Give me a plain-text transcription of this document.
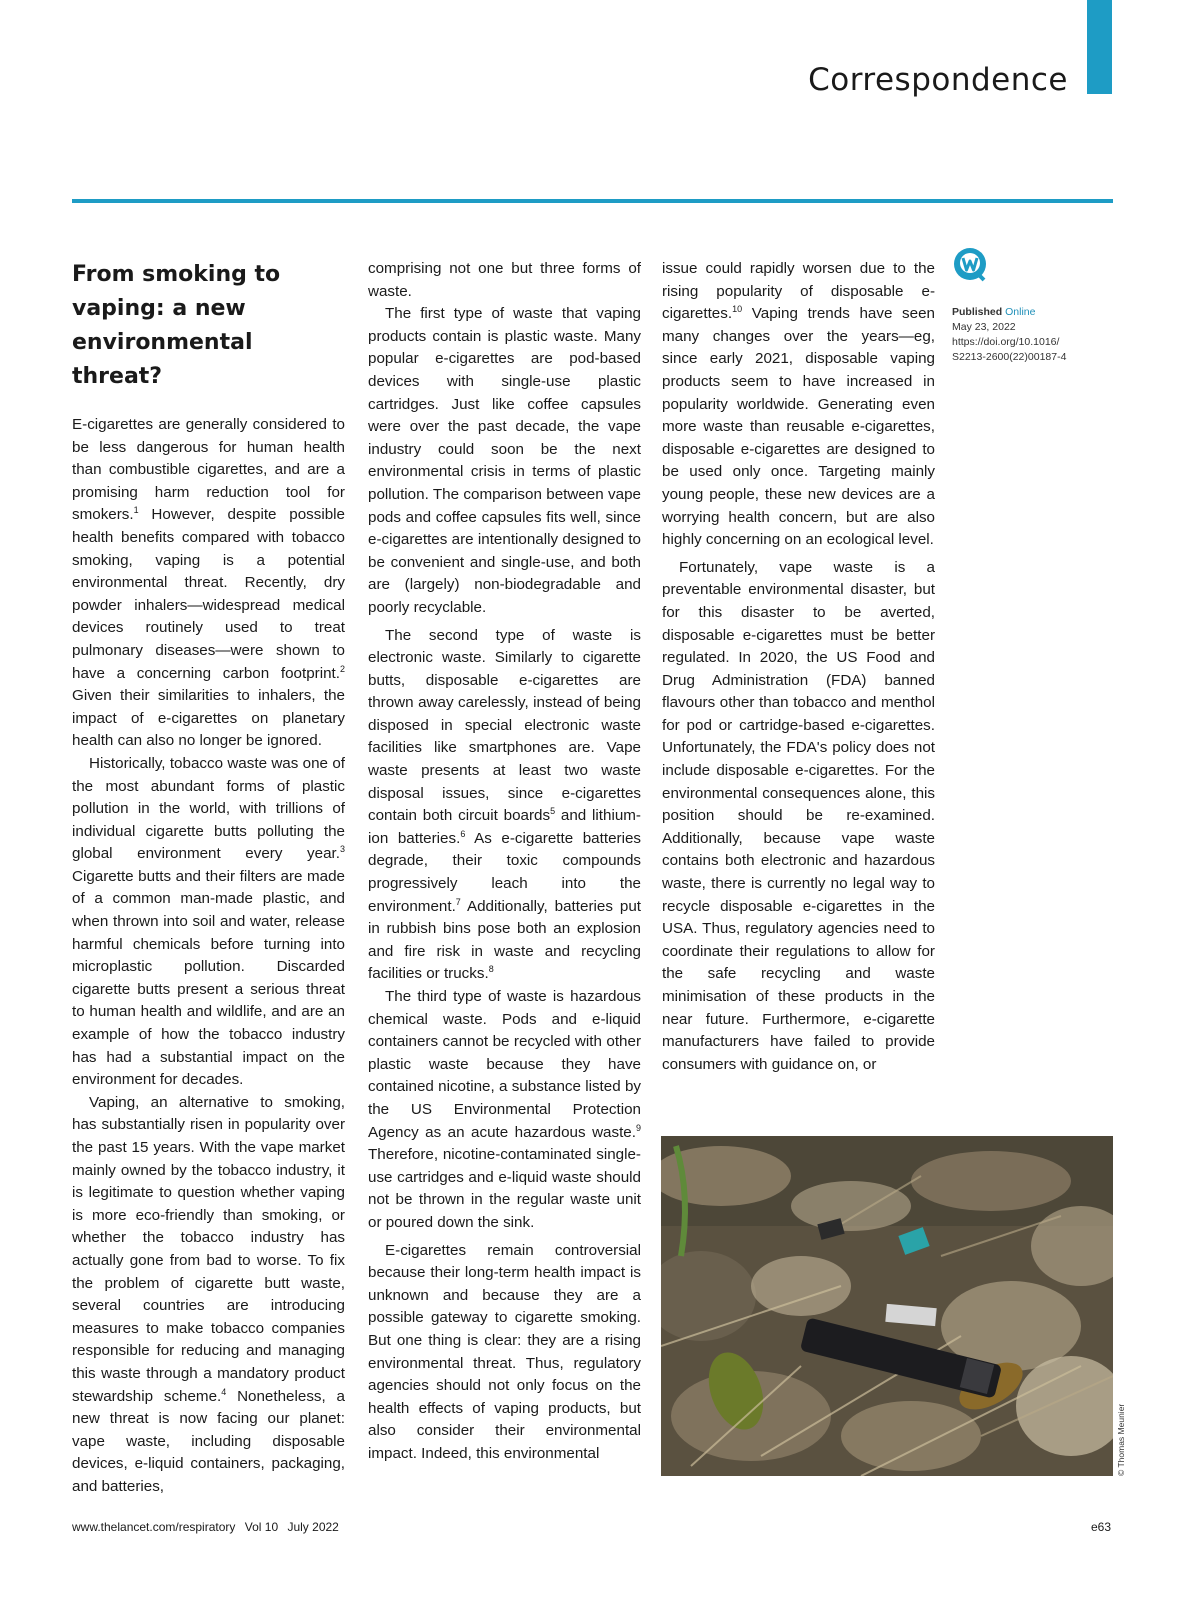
Correspondence
From smoking to
vaping: a new
environmental threat?

E-cigarettes are generally considered to be less dangerous for human health than combustible cigarettes, and are a promising harm reduction tool for smokers.$^1$ However, despite possible health benefits compared with tobacco smoking, vaping is a potential environmental threat. Recently, dry powder inhalers—widespread medical devices routinely used to treat pulmonary diseases—were shown to have a concerning carbon footprint.$^2$ Given their similarities to inhalers, the impact of e-cigarettes on planetary health can also no longer be ignored.

Historically, tobacco waste was one of the most abundant forms of plastic pollution in the world, with trillions of individual cigarette butts polluting the global environment every year.$^3$ Cigarette butts and their filters are made of a common man-made plastic, and when thrown into soil and water, release harmful chemicals before turning into microplastic pollution. Discarded cigarette butts present a serious threat to human health and wildlife, and are an example of how the tobacco industry has had a substantial impact on the environment for decades.

Vaping, an alternative to smoking, has substantially risen in popularity over the past 15 years. With the vape market mainly owned by the tobacco industry, it is legitimate to question whether vaping is more eco-friendly than smoking, or whether the tobacco industry has actually gone from bad to worse. To fix the problem of cigarette butt waste, several countries are introducing measures to make tobacco companies responsible for reducing and managing this waste through a mandatory product stewardship scheme.$^4$ Nonetheless, a new threat is now facing our planet: vape waste, including disposable devices, e-liquid containers, packaging, and batteries,

comprising not one but three forms of waste.

The first type of waste that vaping products contain is plastic waste. Many popular e-cigarettes are pod-based devices with single-use plastic cartridges. Just like coffee capsules were over the past decade, the vape industry could soon be the next environmental crisis in terms of plastic pollution. The comparison between vape pods and coffee capsules fits well, since e-cigarettes are intentionally designed to be convenient and single-use, and both are (largely) non-biodegradable and poorly recyclable.

The second type of waste is electronic waste. Similarly to cigarette butts, disposable e-cigarettes are thrown away carelessly, instead of being disposed in special electronic waste facilities like smartphones are. Vape waste presents at least two waste disposal issues, since e-cigarettes contain both circuit boards$^5$ and lithium-ion batteries.$^6$ As e-cigarette batteries degrade, their toxic compounds progressively leach into the environment.$^7$ Additionally, batteries put in rubbish bins pose both an explosion and fire risk in waste and recycling facilities or trucks.$^8$

The third type of waste is hazardous chemical waste. Pods and e-liquid containers cannot be recycled with other plastic waste because they have contained nicotine, a substance listed by the US Environmental Protection Agency as an acute hazardous waste.$^9$ Therefore, nicotine-contaminated single-use cartridges and e-liquid waste should not be thrown in the regular waste unit or poured down the sink.

E-cigarettes remain controversial because their long-term health impact is unknown and because they are a possible gateway to cigarette smoking. But one thing is clear: they are a rising environmental threat. Thus, regulatory agencies should not only focus on the health effects of vaping products, but also consider their environmental impact. Indeed, this environmental

issue could rapidly worsen due to the rising popularity of disposable e-cigarettes.$^{10}$ Vaping trends have seen many changes over the years—eg, since early 2021, disposable vaping products seem to have increased in popularity worldwide. Generating even more waste than reusable e-cigarettes, disposable e-cigarettes are designed to be used only once. Targeting mainly young people, these new devices are a worrying health concern, but are also highly concerning on an ecological level.

Fortunately, vape waste is a preventable environmental disaster, but for this disaster to be averted, disposable e-cigarettes must be better regulated. In 2020, the US Food and Drug Administration (FDA) banned flavours other than tobacco and menthol for pod or cartridge-based e-cigarettes. Unfortunately, the FDA's policy does not include disposable e-cigarettes. For the environmental consequences alone, this position should be re-examined. Additionally, because vape waste contains both electronic and hazardous waste, there is currently no legal way to recycle disposable e-cigarettes in the USA. Thus, regulatory agencies need to coordinate their regulations to allow for the safe recycling and waste minimisation of these products in the near future. Furthermore, e-cigarette manufacturers have failed to provide consumers with guidance on, or

Published Online
May 23, 2022
https://doi.org/10.1016/
S2213-2600(22)00187-4
© Thomas Meunier
www.thelancet.com/respiratory Vol 10 July 2022	e63
